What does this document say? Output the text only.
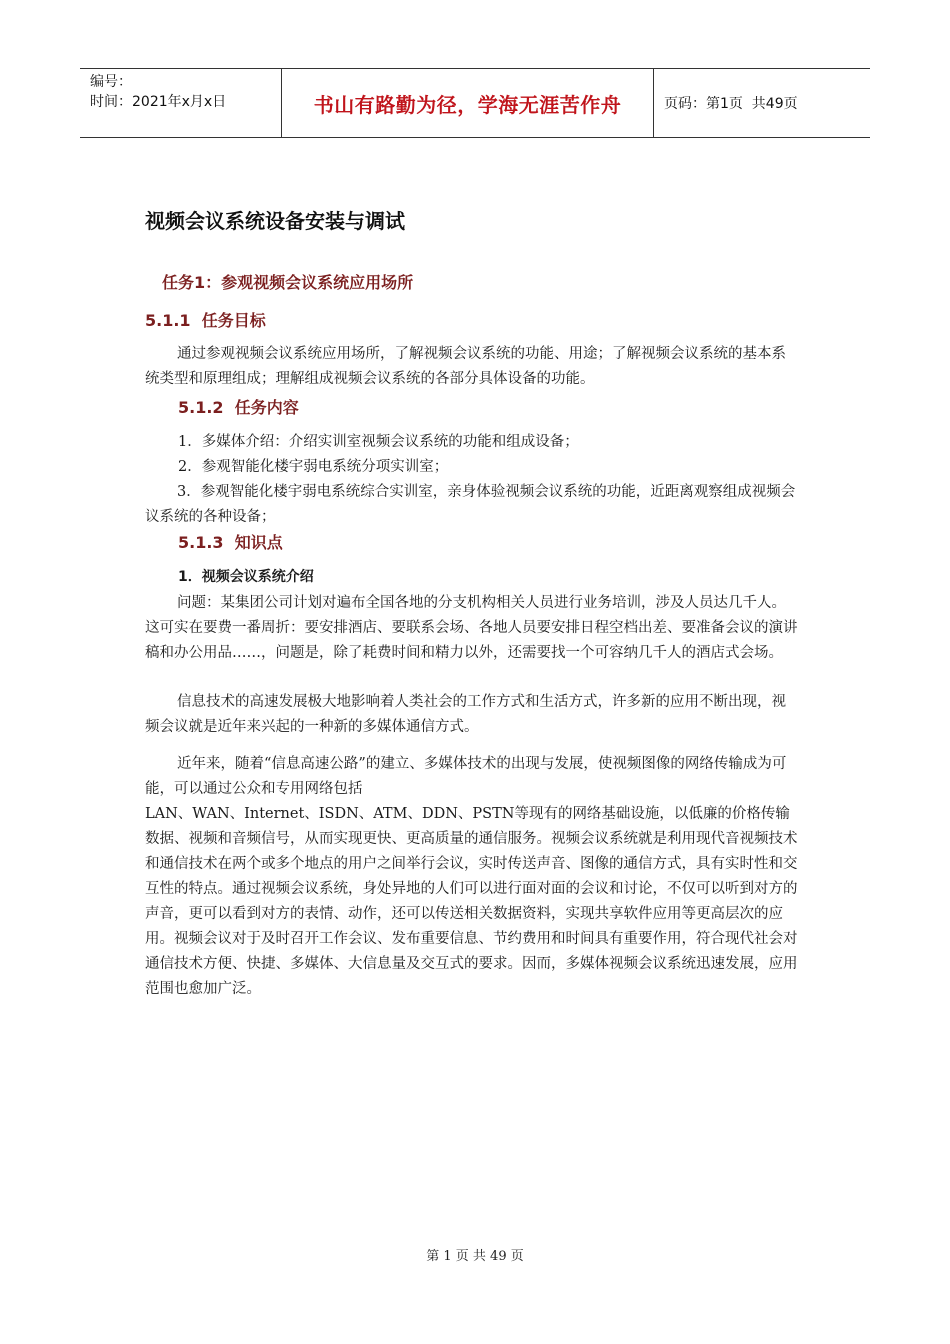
编号：
时间：2021年x月x日	书山有路勤为径，学海无涯苦作舟	页码：第1页  共49页
视频会议系统设备安装与调试
任务1：参观视频会议系统应用场所
5.1.1  任务目标
通过参观视频会议系统应用场所，了解视频会议系统的功能、用途；了解视频会议系统的基本系统类型和原理组成；理解组成视频会议系统的各部分具体设备的功能。
5.1.2  任务内容
1．多媒体介绍：介绍实训室视频会议系统的功能和组成设备；
2．参观智能化楼宇弱电系统分项实训室；
3．参观智能化楼宇弱电系统综合实训室，亲身体验视频会议系统的功能，近距离观察组成视频会议系统的各种设备；
5.1.3  知识点
1．视频会议系统介绍
问题：某集团公司计划对遍布全国各地的分支机构相关人员进行业务培训，涉及人员达几千人。这可实在要费一番周折：要安排酒店、要联系会场、各地人员要安排日程空档出差、要准备会议的演讲稿和办公用品……，问题是，除了耗费时间和精力以外，还需要找一个可容纳几千人的酒店式会场。
信息技术的高速发展极大地影响着人类社会的工作方式和生活方式，许多新的应用不断出现，视频会议就是近年来兴起的一种新的多媒体通信方式。
近年来，随着“信息高速公路”的建立、多媒体技术的出现与发展，使视频图像的网络传输成为可能，可以通过公众和专用网络包括
LAN、WAN、Internet、ISDN、ATM、DDN、PSTN等现有的网络基础设施，以低廉的价格传输数据、视频和音频信号，从而实现更快、更高质量的通信服务。视频会议系统就是利用现代音视频技术和通信技术在两个或多个地点的用户之间举行会议，实时传送声音、图像的通信方式，具有实时性和交互性的特点。通过视频会议系统，身处异地的人们可以进行面对面的会议和讨论，不仅可以听到对方的声音，更可以看到对方的表情、动作，还可以传送相关数据资料，实现共享软件应用等更高层次的应用。视频会议对于及时召开工作会议、发布重要信息、节约费用和时间具有重要作用，符合现代社会对通信技术方便、快捷、多媒体、大信息量及交互式的要求。因而，多媒体视频会议系统迅速发展，应用范围也愈加广泛。
第 1 页 共 49 页
